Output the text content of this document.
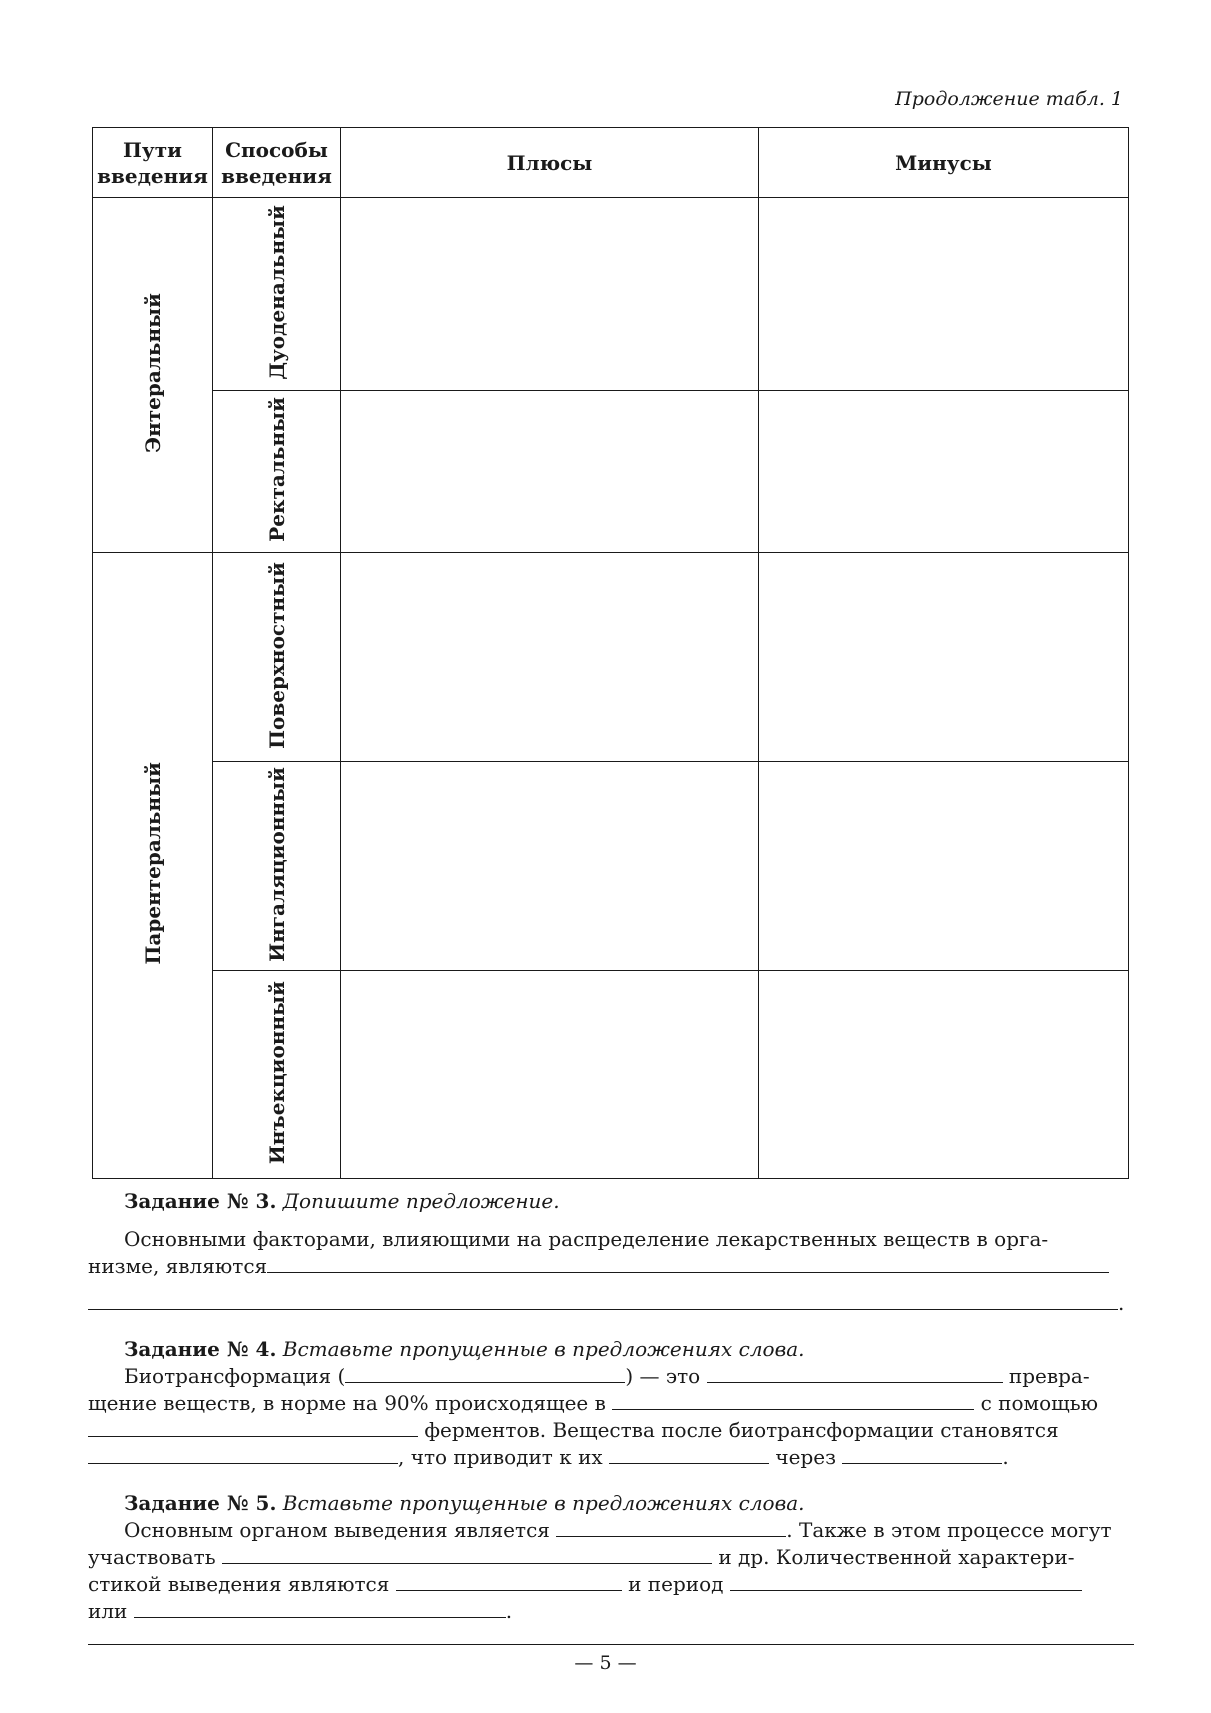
Продолжение табл. 1
Пути введения	Способы введения	Плюсы	Минусы
Энтеральный	Дуоденальный		
	Ректальный		
Парентеральный	Поверхностный		
	Ингаляционный		
	Инъекционный		

Задание № 3. Допишите предложение.

Основными факторами, влияющими на распределение лекарственных веществ в орга-

низме, являются

.

Задание № 4. Вставьте пропущенные в предложениях слова.

Биотрансформация (	) — это	превра-

щение веществ, в норме на 90% происходящее в	с помощью

ферментов. Вещества после биотрансформации становятся

, что приводит к их	через	.

Задание № 5. Вставьте пропущенные в предложениях слова.

Основным органом выведения является	. Также в этом процессе могут

участвовать	и др. Количественной характери-

стикой выведения являются	и период

или	.

— 5 —
